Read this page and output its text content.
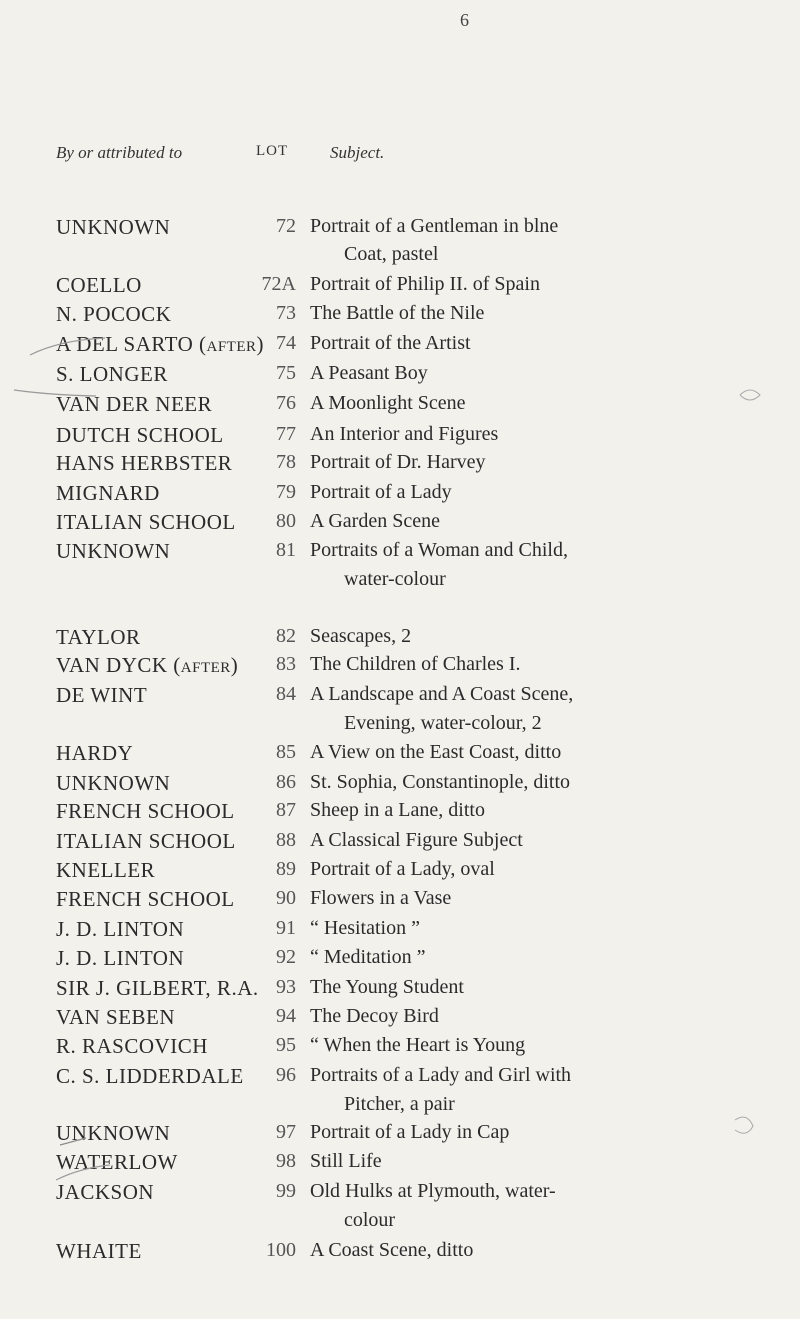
6
By or attributed to	LOT Subject.
UNKNOWN	72 Portrait of a Gentleman in blne
Coat, pastel
COELLO	72A Portrait of Philip II. of Spain
N. POCOCK	73 The Battle of the Nile
A DEL SARTO (after) 74 Portrait of the Artist
S. LONGER	75 A Peasant Boy
VAN DER NEER	76 A Moonlight Scene
DUTCH SCHOOL	77 An Interior and Figures
HANS HERBSTER	78 Portrait of Dr. Harvey
MIGNARD	79 Portrait of a Lady
ITALIAN SCHOOL	80 A Garden Scene
UNKNOWN	81 Portraits of a Woman and Child,
water-colour
TAYLOR	82 Seascapes, 2
VAN DYCK (after)	83 The Children of Charles I.
DE WINT	84 A Landscape and A Coast Scene,
Evening, water-colour, 2
HARDY	85 A View on the East Coast, ditto
UNKNOWN	86 St. Sophia, Constantinople, ditto
FRENCH SCHOOL	87 Sheep in a Lane, ditto
ITALIAN SCHOOL	88 A Classical Figure Subject
KNELLER	89 Portrait of a Lady, oval
FRENCH SCHOOL	90 Flowers in a Vase
J. D. LINTON	91 “ Hesitation ”
J. D. LINTON	92 “ Meditation ”
SIR J. GILBERT, R.A. 93 The Young Student
VAN SEBEN	94 The Decoy Bird
R. RASCOVICH	95 “ When the Heart is Young
C. S. LIDDERDALE	96 Portraits of a Lady and Girl with
Pitcher, a pair
UNKNOWN	97 Portrait of a Lady in Cap
WATERLOW	98 Still Life
JACKSON	99 Old Hulks at Plymouth, water-
colour
WHAITE	100 A Coast Scene, ditto
